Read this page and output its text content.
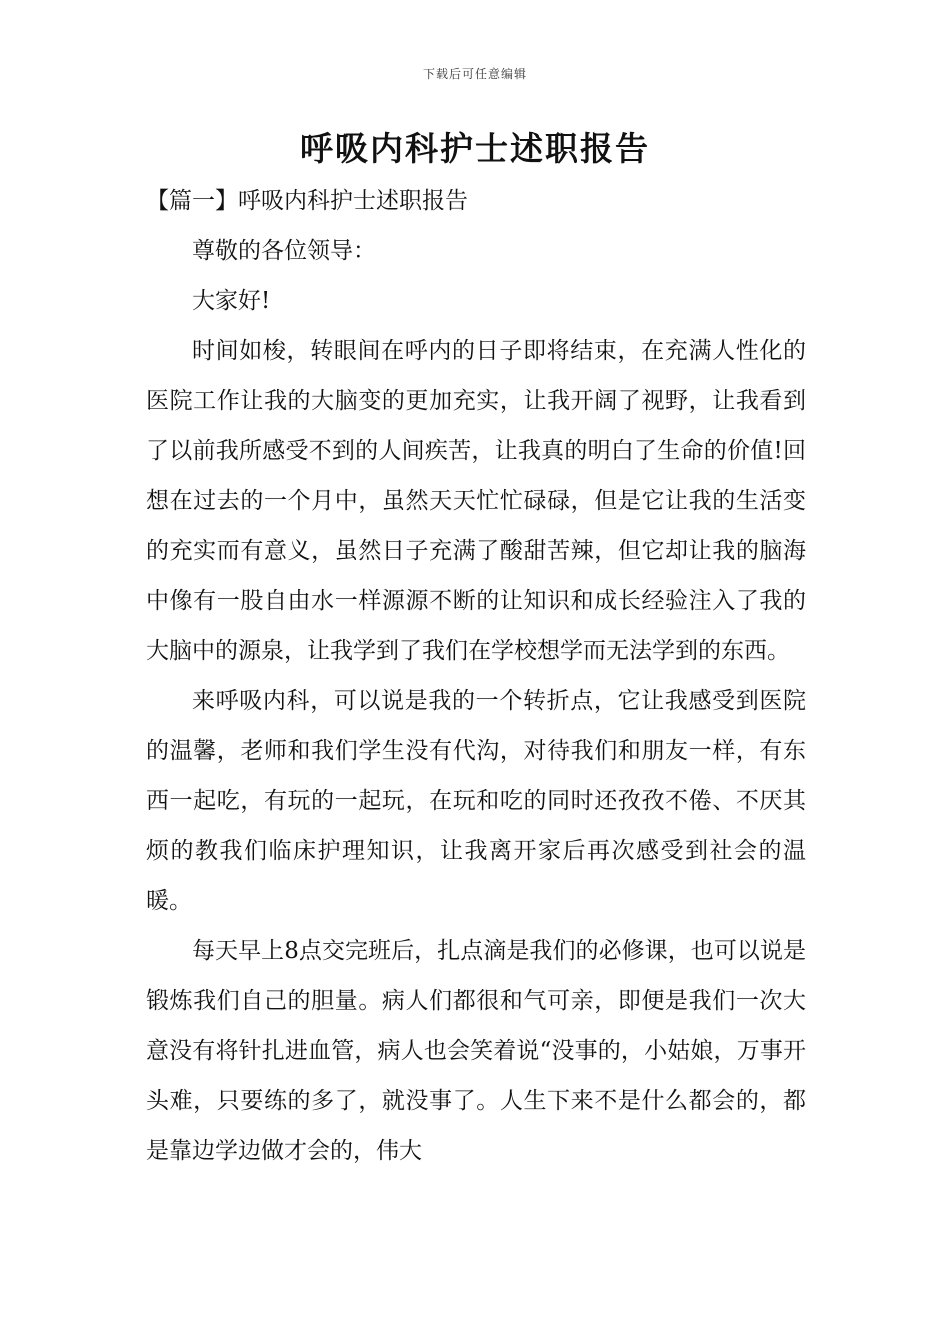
下载后可任意编辑
呼吸内科护士述职报告

【篇一】呼吸内科护士述职报告

尊敬的各位领导：

大家好!

时间如梭，转眼间在呼内的日子即将结束，在充满人性化的医院工作让我的大脑变的更加充实，让我开阔了视野，让我看到了以前我所感受不到的人间疾苦，让我真的明白了生命的价值!回想在过去的一个月中，虽然天天忙忙碌碌，但是它让我的生活变的充实而有意义，虽然日子充满了酸甜苦辣，但它却让我的脑海中像有一股自由水一样源源不断的让知识和成长经验注入了我的大脑中的源泉，让我学到了我们在学校想学而无法学到的东西。

来呼吸内科，可以说是我的一个转折点，它让我感受到医院的温馨，老师和我们学生没有代沟，对待我们和朋友一样，有东西一起吃，有玩的一起玩，在玩和吃的同时还孜孜不倦、不厌其烦的教我们临床护理知识，让我离开家后再次感受到社会的温暖。

每天早上8点交完班后，扎点滴是我们的必修课，也可以说是锻炼我们自己的胆量。病人们都很和气可亲，即便是我们一次大意没有将针扎进血管，病人也会笑着说“没事的，小姑娘，万事开头难，只要练的多了，就没事了。人生下来不是什么都会的，都是靠边学边做才会的，伟大
